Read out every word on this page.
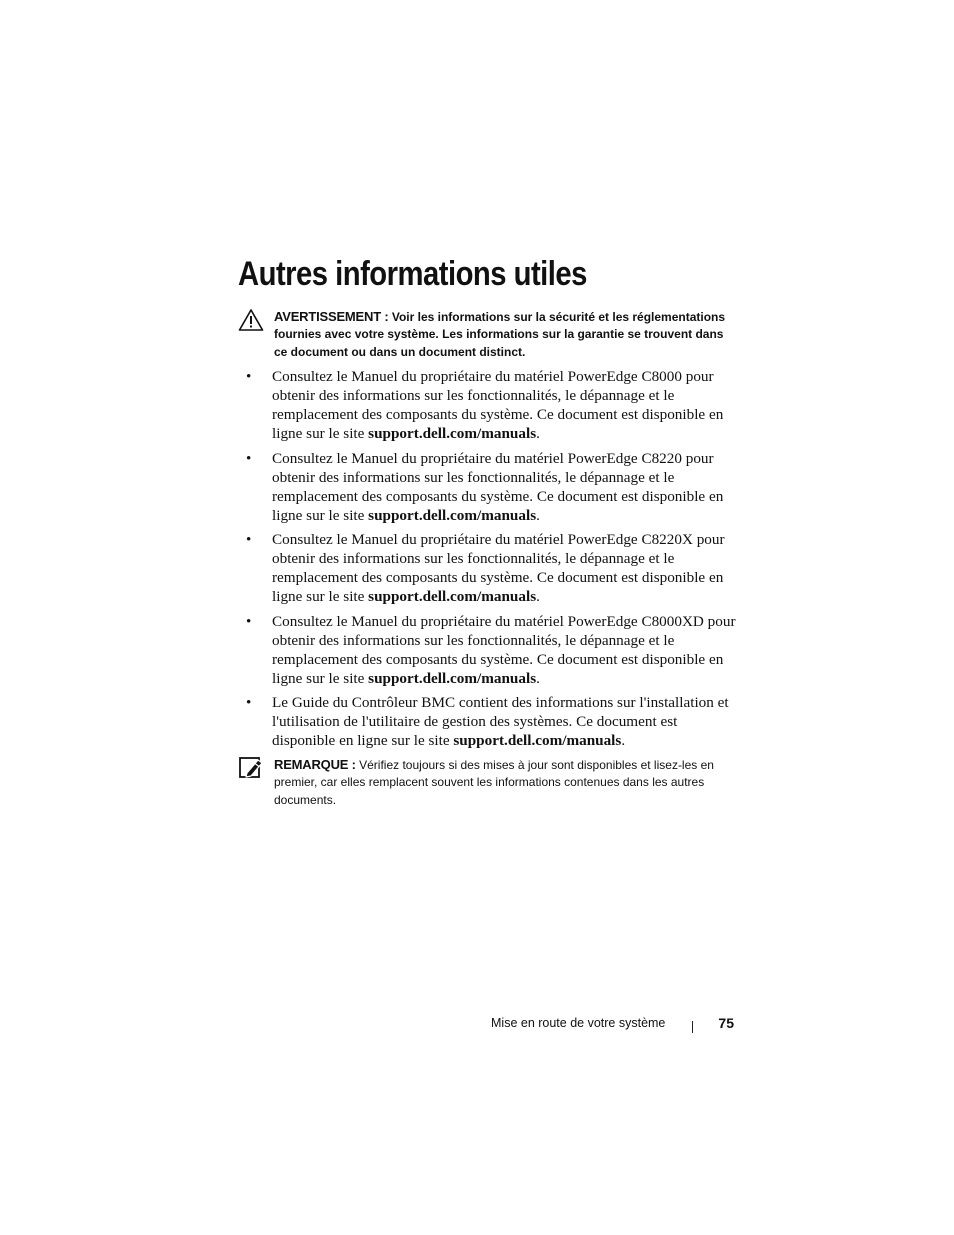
Autres informations utiles
AVERTISSEMENT : Voir les informations sur la sécurité et les réglementations fournies avec votre système. Les informations sur la garantie se trouvent dans ce document ou dans un document distinct.
• Consultez le Manuel du propriétaire du matériel PowerEdge C8000 pour obtenir des informations sur les fonctionnalités, le dépannage et le remplacement des composants du système. Ce document est disponible en ligne sur le site support.dell.com/manuals.
• Consultez le Manuel du propriétaire du matériel PowerEdge C8220 pour obtenir des informations sur les fonctionnalités, le dépannage et le remplacement des composants du système. Ce document est disponible en ligne sur le site support.dell.com/manuals.
• Consultez le Manuel du propriétaire du matériel PowerEdge C8220X pour obtenir des informations sur les fonctionnalités, le dépannage et le remplacement des composants du système. Ce document est disponible en ligne sur le site support.dell.com/manuals.
• Consultez le Manuel du propriétaire du matériel PowerEdge C8000XD pour obtenir des informations sur les fonctionnalités, le dépannage et le remplacement des composants du système. Ce document est disponible en ligne sur le site support.dell.com/manuals.
• Le Guide du Contrôleur BMC contient des informations sur l'installation et l'utilisation de l'utilitaire de gestion des systèmes. Ce document est disponible en ligne sur le site support.dell.com/manuals.
REMARQUE : Vérifiez toujours si des mises à jour sont disponibles et lisez-les en premier, car elles remplacent souvent les informations contenues dans les autres documents.
Mise en route de votre système	75
